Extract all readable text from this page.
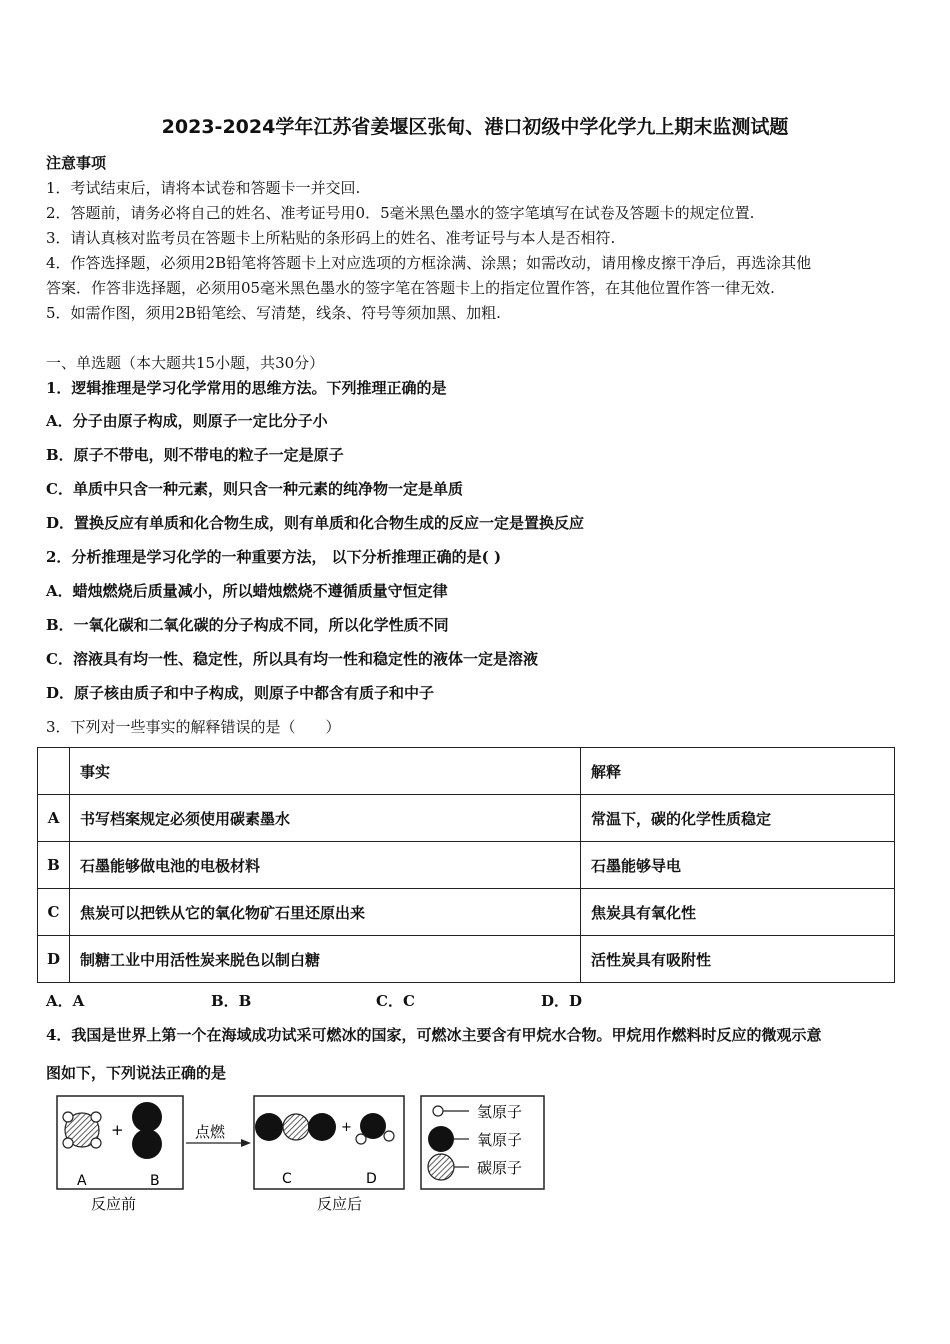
2023-2024学年江苏省姜堰区张甸、港口初级中学化学九上期末监测试题
注意事项
1．考试结束后，请将本试卷和答题卡一并交回.
2．答题前，请务必将自己的姓名、准考证号用0．5毫米黑色墨水的签字笔填写在试卷及答题卡的规定位置.
3．请认真核对监考员在答题卡上所粘贴的条形码上的姓名、准考证号与本人是否相符.
4．作答选择题，必须用2B铅笔将答题卡上对应选项的方框涂满、涂黑；如需改动，请用橡皮擦干净后，再选涂其他
答案．作答非选择题，必须用05毫米黑色墨水的签字笔在答题卡上的指定位置作答，在其他位置作答一律无效.
5．如需作图，须用2B铅笔绘、写清楚，线条、符号等须加黑、加粗.
一、单选题（本大题共15小题，共30分）
1．逻辑推理是学习化学常用的思维方法。下列推理正确的是
A．分子由原子构成，则原子一定比分子小
B．原子不带电，则不带电的粒子一定是原子
C．单质中只含一种元素，则只含一种元素的纯净物一定是单质
D．置换反应有单质和化合物生成，则有单质和化合物生成的反应一定是置换反应
2．分析推理是学习化学的一种重要方法， 以下分析推理正确的是( )
A．蜡烛燃烧后质量减小，所以蜡烛燃烧不遵循质量守恒定律
B．一氧化碳和二氧化碳的分子构成不同，所以化学性质不同
C．溶液具有均一性、稳定性，所以具有均一性和稳定性的液体一定是溶液
D．原子核由质子和中子构成，则原子中都含有质子和中子
3．下列对一些事实的解释错误的是（　　）
	事实	解释
A	书写档案规定必须使用碳素墨水	常温下，碳的化学性质稳定
B	石墨能够做电池的电极材料	石墨能够导电
C	焦炭可以把铁从它的氧化物矿石里还原出来	焦炭具有氧化性
D	制糖工业中用活性炭来脱色以制白糖	活性炭具有吸附性
A．A	B．B	C．C	D．D
4．我国是世界上第一个在海域成功试采可燃冰的国家，可燃冰主要含有甲烷水合物。甲烷用作燃料时反应的微观示意
图如下，下列说法正确的是
+
A	B
反应前
点燃	+
C	D
反应后
氢原子
氧原子
碳原子
